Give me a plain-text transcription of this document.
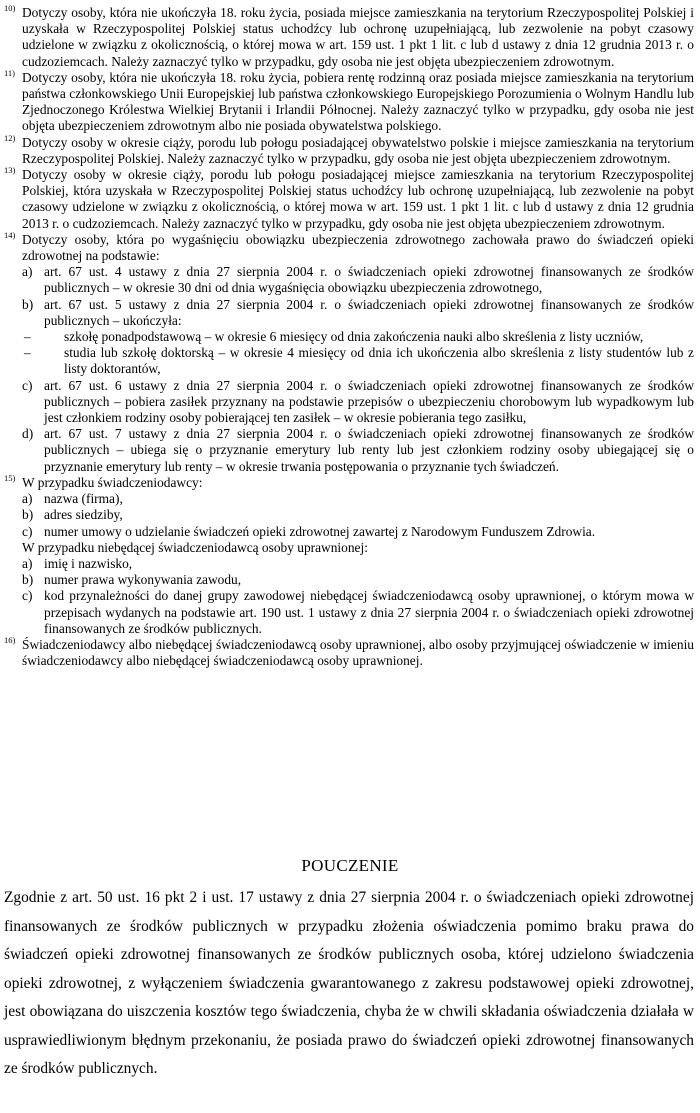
10) Dotyczy osoby, która nie ukończyła 18. roku życia, posiada miejsce zamieszkania na terytorium Rzeczypospolitej Polskiej i uzyskała w Rzeczypospolitej Polskiej status uchodźcy lub ochronę uzupełniającą, lub zezwolenie na pobyt czasowy udzielone w związku z okolicznością, o której mowa w art. 159 ust. 1 pkt 1 lit. c lub d ustawy z dnia 12 grudnia 2013 r. o cudzoziemcach. Należy zaznaczyć tylko w przypadku, gdy osoba nie jest objęta ubezpieczeniem zdrowotnym.
11) Dotyczy osoby, która nie ukończyła 18. roku życia, pobiera rentę rodzinną oraz posiada miejsce zamieszkania na terytorium państwa członkowskiego Unii Europejskiej lub państwa członkowskiego Europejskiego Porozumienia o Wolnym Handlu lub Zjednoczonego Królestwa Wielkiej Brytanii i Irlandii Północnej. Należy zaznaczyć tylko w przypadku, gdy osoba nie jest objęta ubezpieczeniem zdrowotnym albo nie posiada obywatelstwa polskiego.
12) Dotyczy osoby w okresie ciąży, porodu lub połogu posiadającej obywatelstwo polskie i miejsce zamieszkania na terytorium Rzeczypospolitej Polskiej. Należy zaznaczyć tylko w przypadku, gdy osoba nie jest objęta ubezpieczeniem zdrowotnym.
13) Dotyczy osoby w okresie ciąży, porodu lub połogu posiadającej miejsce zamieszkania na terytorium Rzeczypospolitej Polskiej, która uzyskała w Rzeczypospolitej Polskiej status uchodźcy lub ochronę uzupełniającą, lub zezwolenie na pobyt czasowy udzielone w związku z okolicznością, o której mowa w art. 159 ust. 1 pkt 1 lit. c lub d ustawy z dnia 12 grudnia 2013 r. o cudzoziemcach. Należy zaznaczyć tylko w przypadku, gdy osoba nie jest objęta ubezpieczeniem zdrowotnym.
14) Dotyczy osoby, która po wygaśnięciu obowiązku ubezpieczenia zdrowotnego zachowała prawo do świadczeń opieki zdrowotnej na podstawie:
a) art. 67 ust. 4 ustawy z dnia 27 sierpnia 2004 r. o świadczeniach opieki zdrowotnej finansowanych ze środków publicznych – w okresie 30 dni od dnia wygaśnięcia obowiązku ubezpieczenia zdrowotnego,
b) art. 67 ust. 5 ustawy z dnia 27 sierpnia 2004 r. o świadczeniach opieki zdrowotnej finansowanych ze środków publicznych – ukończyła:
– szkołę ponadpodstawową – w okresie 6 miesięcy od dnia zakończenia nauki albo skreślenia z listy uczniów,
– studia lub szkołę doktorską – w okresie 4 miesięcy od dnia ich ukończenia albo skreślenia z listy studentów lub z listy doktorantów,
c) art. 67 ust. 6 ustawy z dnia 27 sierpnia 2004 r. o świadczeniach opieki zdrowotnej finansowanych ze środków publicznych – pobiera zasiłek przyznany na podstawie przepisów o ubezpieczeniu chorobowym lub wypadkowym lub jest członkiem rodziny osoby pobierającej ten zasiłek – w okresie pobierania tego zasiłku,
d) art. 67 ust. 7 ustawy z dnia 27 sierpnia 2004 r. o świadczeniach opieki zdrowotnej finansowanych ze środków publicznych – ubiega się o przyznanie emerytury lub renty lub jest członkiem rodziny osoby ubiegającej się o przyznanie emerytury lub renty – w okresie trwania postępowania o przyznanie tych świadczeń.
15) W przypadku świadczeniodawcy:
a) nazwa (firma),
b) adres siedziby,
c) numer umowy o udzielanie świadczeń opieki zdrowotnej zawartej z Narodowym Funduszem Zdrowia.
W przypadku niebędącej świadczeniodawcą osoby uprawnionej:
a) imię i nazwisko,
b) numer prawa wykonywania zawodu,
c) kod przynależności do danej grupy zawodowej niebędącej świadczeniodawcą osoby uprawnionej, o którym mowa w przepisach wydanych na podstawie art. 190 ust. 1 ustawy z dnia 27 sierpnia 2004 r. o świadczeniach opieki zdrowotnej finansowanych ze środków publicznych.
16) Świadczeniodawcy albo niebędącej świadczeniodawcą osoby uprawnionej, albo osoby przyjmującej oświadczenie w imieniu świadczeniodawcy albo niebędącej świadczeniodawcą osoby uprawnionej.
POUCZENIE
Zgodnie z art. 50 ust. 16 pkt 2 i ust. 17 ustawy z dnia 27 sierpnia 2004 r. o świadczeniach opieki zdrowotnej finansowanych ze środków publicznych w przypadku złożenia oświadczenia pomimo braku prawa do świadczeń opieki zdrowotnej finansowanych ze środków publicznych osoba, której udzielono świadczenia opieki zdrowotnej, z wyłączeniem świadczenia gwarantowanego z zakresu podstawowej opieki zdrowotnej, jest obowiązana do uiszczenia kosztów tego świadczenia, chyba że w chwili składania oświadczenia działała w usprawiedliwionym błędnym przekonaniu, że posiada prawo do świadczeń opieki zdrowotnej finansowanych ze środków publicznych.
